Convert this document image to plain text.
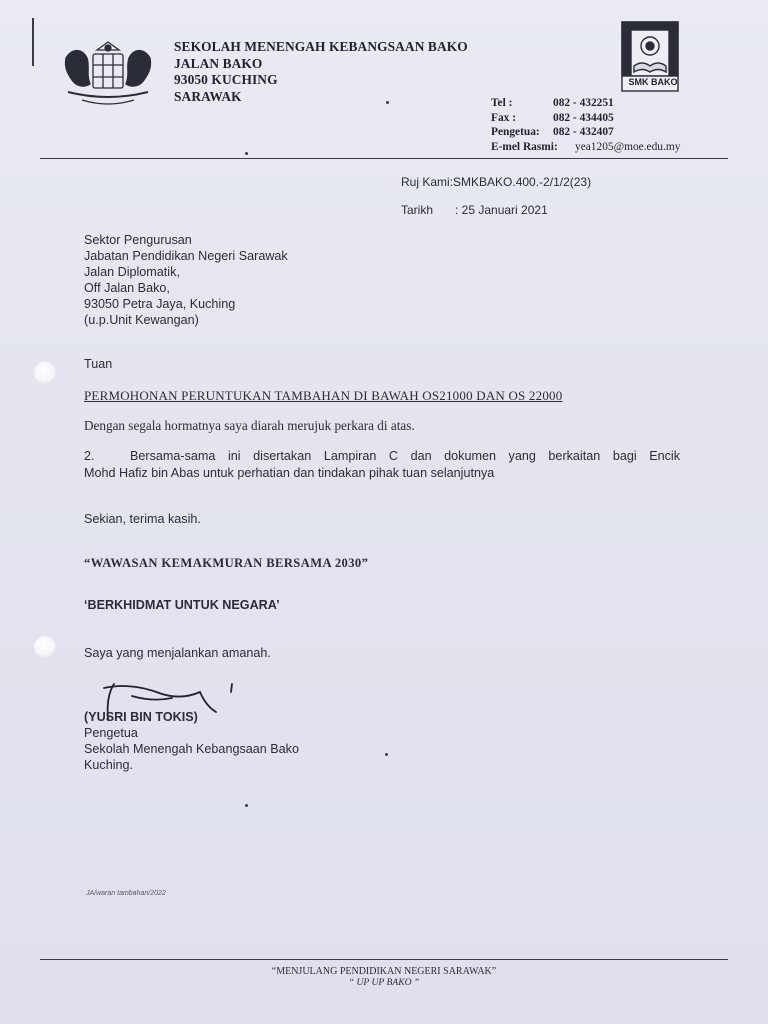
SEKOLAH MENENGAH KEBANGSAAN BAKO
JALAN BAKO
93050 KUCHING
SARAWAK
SMK BAKO
Tel :	082 - 432251
Fax :	082 - 434405
Pengetua: 082 - 432407
E-mel Rasmi: yea1205@moe.edu.my
Ruj Kami:SMKBAKO.400.-2/1/2(23)
Tarikh : 25 Januari 2021
Sektor Pengurusan
Jabatan Pendidikan Negeri Sarawak
Jalan Diplomatik,
Off Jalan Bako,
93050 Petra Jaya, Kuching
(u.p.Unit Kewangan)
Tuan
PERMOHONAN PERUNTUKAN TAMBAHAN DI BAWAH OS21000 DAN OS 22000
Dengan segala hormatnya saya diarah merujuk perkara di atas.
2.	Bersama-sama ini disertakan Lampiran C dan dokumen yang berkaitan bagi Encik
Mohd Hafiz bin Abas untuk perhatian dan tindakan pihak tuan selanjutnya
Sekian, terima kasih.
“WAWASAN KEMAKMURAN BERSAMA 2030”
‘BERKHIDMAT UNTUK NEGARA’
Saya yang menjalankan amanah.
(YUSRI BIN TOKIS)
Pengetua
Sekolah Menengah Kebangsaan Bako
Kuching.
JA/waran tambahan/2022
“MENJULANG PENDIDIKAN NEGERI SARAWAK”
“ UP UP BAKO ”
